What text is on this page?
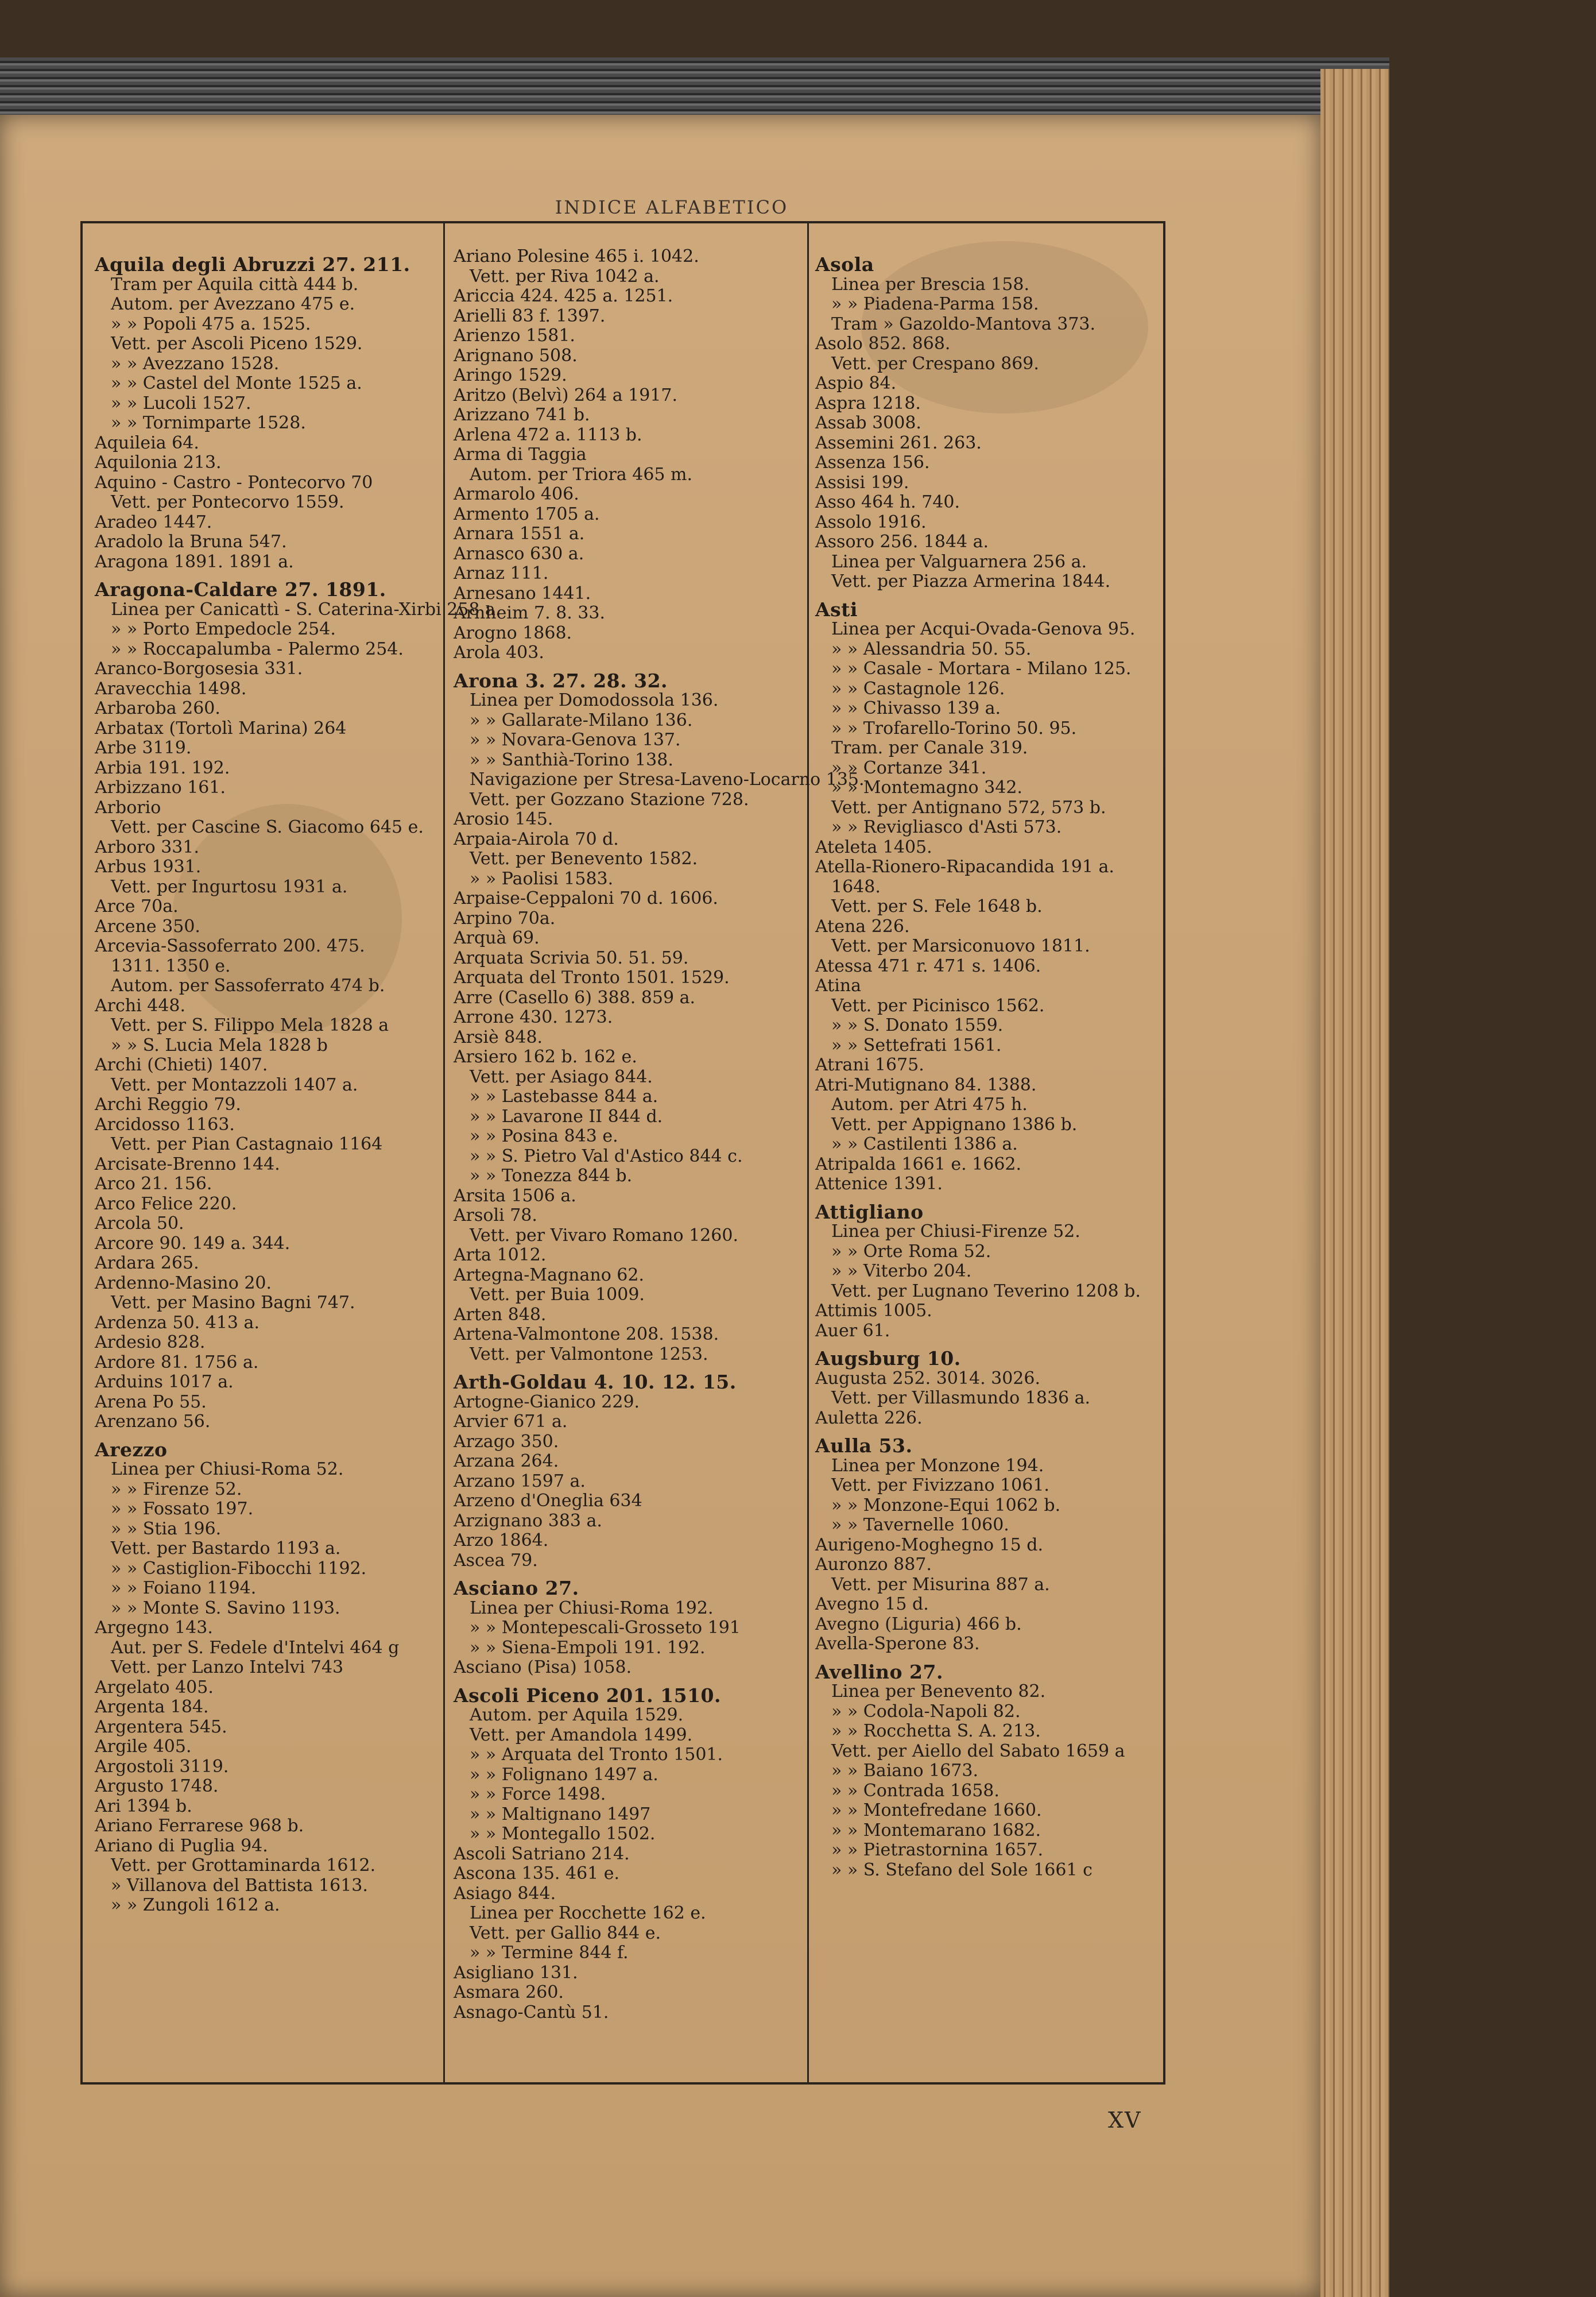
INDICE ALFABETICO
Aquila degli Abruzzi 27. 211.
Tram per Aquila città 444 b.
Autom. per Avezzano 475 e.
» » Popoli 475 a. 1525.
Vett. per Ascoli Piceno 1529.
» » Avezzano 1528.
» » Castel del Monte 1525 a.
» » Lucoli 1527.
» » Tornimparte 1528.
Aquileia 64.
Aquilonia 213.
Aquino - Castro - Pontecorvo 70
Vett. per Pontecorvo 1559.
Aradeo 1447.
Aradolo la Bruna 547.
Aragona 1891. 1891 a.
Aragona-Caldare 27. 1891.
Linea per Canicattì - S. Caterina-Xirbi 258 a.
» » Porto Empedocle 254.
» » Roccapalumba - Palermo 254.
Aranco-Borgosesia 331.
Aravecchia 1498.
Arbaroba 260.
Arbatax (Tortolì Marina) 264
Arbe 3119.
Arbia 191. 192.
Arbizzano 161.
Arborio
Vett. per Cascine S. Giacomo 645 e.
Arboro 331.
Arbus 1931.
Vett. per Ingurtosu 1931 a.
Arce 70a.
Arcene 350.
Arcevia-Sassoferrato 200. 475.
1311. 1350 e.
Autom. per Sassoferrato 474 b.
Archi 448.
Vett. per S. Filippo Mela 1828 a
» » S. Lucia Mela 1828 b
Archi (Chieti) 1407.
Vett. per Montazzoli 1407 a.
Archi Reggio 79.
Arcidosso 1163.
Vett. per Pian Castagnaio 1164
Arcisate-Brenno 144.
Arco 21. 156.
Arco Felice 220.
Arcola 50.
Arcore 90. 149 a. 344.
Ardara 265.
Ardenno-Masino 20.
Vett. per Masino Bagni 747.
Ardenza 50. 413 a.
Ardesio 828.
Ardore 81. 1756 a.
Arduins 1017 a.
Arena Po 55.
Arenzano 56.
Arezzo
Linea per Chiusi-Roma 52.
» » Firenze 52.
» » Fossato 197.
» » Stia 196.
Vett. per Bastardo 1193 a.
» » Castiglion-Fibocchi 1192.
» » Foiano 1194.
» » Monte S. Savino 1193.
Argegno 143.
Aut. per S. Fedele d'Intelvi 464 g
Vett. per Lanzo Intelvi 743
Argelato 405.
Argenta 184.
Argentera 545.
Argile 405.
Argostoli 3119.
Argusto 1748.
Ari 1394 b.
Ariano Ferrarese 968 b.
Ariano di Puglia 94.
Vett. per Grottaminarda 1612.
» Villanova del Battista 1613.
» » Zungoli 1612 a.
Ariano Polesine 465 i. 1042.
Vett. per Riva 1042 a.
Ariccia 424. 425 a. 1251.
Arielli 83 f. 1397.
Arienzo 1581.
Arignano 508.
Aringo 1529.
Aritzo (Belvì) 264 a 1917.
Arizzano 741 b.
Arlena 472 a. 1113 b.
Arma di Taggia
Autom. per Triora 465 m.
Armarolo 406.
Armento 1705 a.
Arnara 1551 a.
Arnasco 630 a.
Arnaz 111.
Arnesano 1441.
Arnheim 7. 8. 33.
Arogno 1868.
Arola 403.
Arona 3. 27. 28. 32.
Linea per Domodossola 136.
» » Gallarate-Milano 136.
» » Novara-Genova 137.
» » Santhià-Torino 138.
Navigazione per Stresa-Laveno-Locarno 135.
Vett. per Gozzano Stazione 728.
Arosio 145.
Arpaia-Airola 70 d.
Vett. per Benevento 1582.
» » Paolisi 1583.
Arpaise-Ceppaloni 70 d. 1606.
Arpino 70a.
Arquà 69.
Arquata Scrivia 50. 51. 59.
Arquata del Tronto 1501. 1529.
Arre (Casello 6) 388. 859 a.
Arrone 430. 1273.
Arsiè 848.
Arsiero 162 b. 162 e.
Vett. per Asiago 844.
» » Lastebasse 844 a.
» » Lavarone II 844 d.
» » Posina 843 e.
» » S. Pietro Val d'Astico 844 c.
» » Tonezza 844 b.
Arsita 1506 a.
Arsoli 78.
Vett. per Vivaro Romano 1260.
Arta 1012.
Artegna-Magnano 62.
Vett. per Buia 1009.
Arten 848.
Artena-Valmontone 208. 1538.
Vett. per Valmontone 1253.
Arth-Goldau 4. 10. 12. 15.
Artogne-Gianico 229.
Arvier 671 a.
Arzago 350.
Arzana 264.
Arzano 1597 a.
Arzeno d'Oneglia 634
Arzignano 383 a.
Arzo 1864.
Ascea 79.
Asciano 27.
Linea per Chiusi-Roma 192.
» » Montepescali-Grosseto 191
» » Siena-Empoli 191. 192.
Asciano (Pisa) 1058.
Ascoli Piceno 201. 1510.
Autom. per Aquila 1529.
Vett. per Amandola 1499.
» » Arquata del Tronto 1501.
» » Folignano 1497 a.
» » Force 1498.
» » Maltignano 1497
» » Montegallo 1502.
Ascoli Satriano 214.
Ascona 135. 461 e.
Asiago 844.
Linea per Rocchette 162 e.
Vett. per Gallio 844 e.
» » Termine 844 f.
Asigliano 131.
Asmara 260.
Asnago-Cantù 51.
Asola
Linea per Brescia 158.
» » Piadena-Parma 158.
Tram » Gazoldo-Mantova 373.
Asolo 852. 868.
Vett. per Crespano 869.
Aspio 84.
Aspra 1218.
Assab 3008.
Assemini 261. 263.
Assenza 156.
Assisi 199.
Asso 464 h. 740.
Assolo 1916.
Assoro 256. 1844 a.
Linea per Valguarnera 256 a.
Vett. per Piazza Armerina 1844.
Asti
Linea per Acqui-Ovada-Genova 95.
» » Alessandria 50. 55.
» » Casale - Mortara - Milano 125.
» » Castagnole 126.
» » Chivasso 139 a.
» » Trofarello-Torino 50. 95.
Tram. per Canale 319.
» » Cortanze 341.
» » Montemagno 342.
Vett. per Antignano 572, 573 b.
» » Revigliasco d'Asti 573.
Ateleta 1405.
Atella-Rionero-Ripacandida 191 a.
1648.
Vett. per S. Fele 1648 b.
Atena 226.
Vett. per Marsiconuovo 1811.
Atessa 471 r. 471 s. 1406.
Atina
Vett. per Picinisco 1562.
» » S. Donato 1559.
» » Settefrati 1561.
Atrani 1675.
Atri-Mutignano 84. 1388.
Autom. per Atri 475 h.
Vett. per Appignano 1386 b.
» » Castilenti 1386 a.
Atripalda 1661 e. 1662.
Attenice 1391.
Attigliano
Linea per Chiusi-Firenze 52.
» » Orte Roma 52.
» » Viterbo 204.
Vett. per Lugnano Teverino 1208 b.
Attimis 1005.
Auer 61.
Augsburg 10.
Augusta 252. 3014. 3026.
Vett. per Villasmundo 1836 a.
Auletta 226.
Aulla 53.
Linea per Monzone 194.
Vett. per Fivizzano 1061.
» » Monzone-Equi 1062 b.
» » Tavernelle 1060.
Aurigeno-Moghegno 15 d.
Auronzo 887.
Vett. per Misurina 887 a.
Avegno 15 d.
Avegno (Liguria) 466 b.
Avella-Sperone 83.
Avellino 27.
Linea per Benevento 82.
» » Codola-Napoli 82.
» » Rocchetta S. A. 213.
Vett. per Aiello del Sabato 1659 a
» » Baiano 1673.
» » Contrada 1658.
» » Montefredane 1660.
» » Montemarano 1682.
» » Pietrastornina 1657.
» » S. Stefano del Sole 1661 c
XV
